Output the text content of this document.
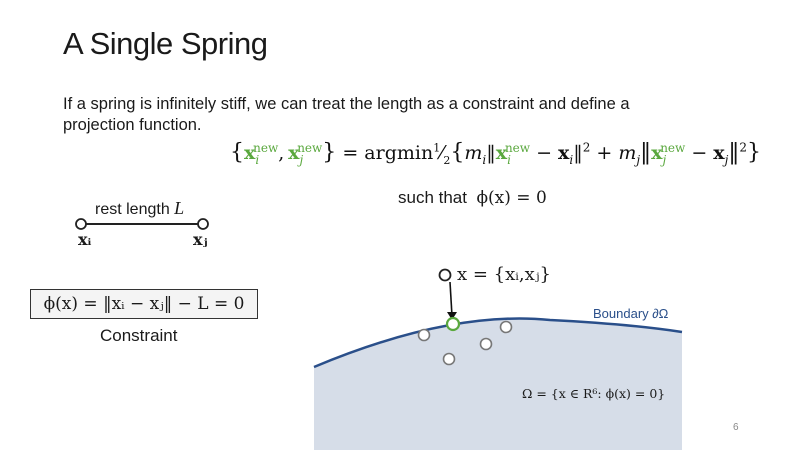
A Single Spring
If a spring is infinitely stiff, we can treat the length as a constraint and define a projection function.
{$x_i^{new}$, $x_j^{new}$} = $argmin^1⁄_2\{m_i‖x_i^{new}$ − $x_i‖^2$ + $m_j‖x_j^{new}$ − $x_j‖^2$}
such that ϕ(x) = 0
rest length L
xᵢ	xⱼ
ϕ(x) = ‖xᵢ − xⱼ‖ − L = 0
Constraint
x = {xᵢ,xⱼ}
Boundary ∂Ω
Ω = {x ∈ R⁶: ϕ(x) = 0}
6
